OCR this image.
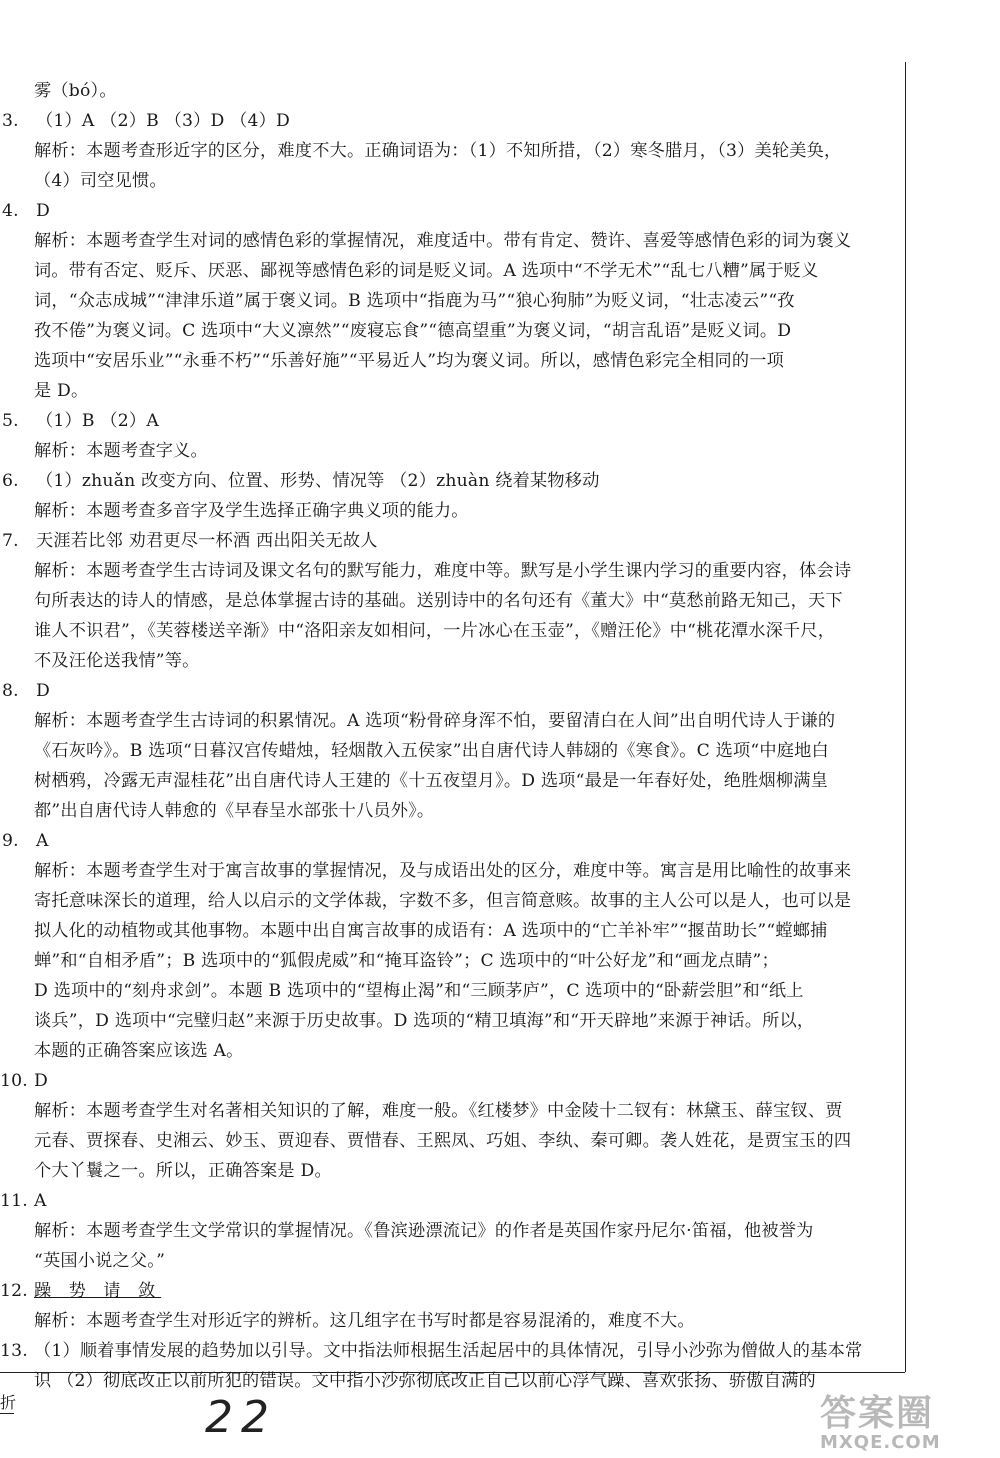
雾（bó）。
3. （1）A （2）B （3）D （4）D
解析：本题考查形近字的区分，难度不大。正确词语为：（1）不知所措，（2）寒冬腊月，（3）美轮美奂，
（4）司空见惯。
4. D
解析：本题考查学生对词的感情色彩的掌握情况，难度适中。带有肯定、赞许、喜爱等感情色彩的词为褒义
词。带有否定、贬斥、厌恶、鄙视等感情色彩的词是贬义词。A 选项中“不学无术”“乱七八糟”属于贬义
词，“众志成城”“津津乐道”属于褒义词。B 选项中“指鹿为马”“狼心狗肺”为贬义词，“壮志凌云”“孜
孜不倦”为褒义词。C 选项中“大义凛然”“废寝忘食”“德高望重”为褒义词，“胡言乱语”是贬义词。D
选项中“安居乐业”“永垂不朽”“乐善好施”“平易近人”均为褒义词。所以，感情色彩完全相同的一项
是 D。
5. （1）B （2）A
解析：本题考查字义。
6. （1）zhuǎn 改变方向、位置、形势、情况等 （2）zhuàn 绕着某物移动
解析：本题考查多音字及学生选择正确字典义项的能力。
7. 天涯若比邻 劝君更尽一杯酒 西出阳关无故人
解析：本题考查学生古诗词及课文名句的默写能力，难度中等。默写是小学生课内学习的重要内容，体会诗
句所表达的诗人的情感，是总体掌握古诗的基础。送别诗中的名句还有《董大》中“莫愁前路无知己，天下
谁人不识君”，《芙蓉楼送辛渐》中“洛阳亲友如相问，一片冰心在玉壶”，《赠汪伦》中“桃花潭水深千尺，
不及汪伦送我情”等。
8. D
解析：本题考查学生古诗词的积累情况。A 选项“粉骨碎身浑不怕，要留清白在人间”出自明代诗人于谦的
《石灰吟》。B 选项“日暮汉宫传蜡烛，轻烟散入五侯家”出自唐代诗人韩翃的《寒食》。C 选项“中庭地白
树栖鸦，冷露无声湿桂花”出自唐代诗人王建的《十五夜望月》。D 选项“最是一年春好处，绝胜烟柳满皇
都”出自唐代诗人韩愈的《早春呈水部张十八员外》。
9. A
解析：本题考查学生对于寓言故事的掌握情况，及与成语出处的区分，难度中等。寓言是用比喻性的故事来
寄托意味深长的道理，给人以启示的文学体裁，字数不多，但言简意赅。故事的主人公可以是人，也可以是
拟人化的动植物或其他事物。本题中出自寓言故事的成语有：A 选项中的“亡羊补牢”“揠苗助长”“螳螂捕
蝉”和“自相矛盾”；B 选项中的“狐假虎威”和“掩耳盗铃”；C 选项中的“叶公好龙”和“画龙点睛”；
D 选项中的“刻舟求剑”。本题 B 选项中的“望梅止渴”和“三顾茅庐”，C 选项中的“卧薪尝胆”和“纸上
谈兵”，D 选项中“完璧归赵”来源于历史故事。D 选项的“精卫填海”和“开天辟地”来源于神话。所以，
本题的正确答案应该选 A。
10. D
解析：本题考查学生对名著相关知识的了解，难度一般。《红楼梦》中金陵十二钗有：林黛玉、薛宝钗、贾
元春、贾探春、史湘云、妙玉、贾迎春、贾惜春、王熙凤、巧姐、李纨、秦可卿。袭人姓花，是贾宝玉的四
个大丫鬟之一。所以，正确答案是 D。
11. A
解析：本题考查学生文学常识的掌握情况。《鲁滨逊漂流记》的作者是英国作家丹尼尔·笛福，他被誉为
“英国小说之父。”
12. 躁 势 请 敛
解析：本题考查学生对形近字的辨析。这几组字在书写时都是容易混淆的，难度不大。
13. （1）顺着事情发展的趋势加以引导。文中指法师根据生活起居中的具体情况，引导小沙弥为僧做人的基本常
识 （2）彻底改正以前所犯的错误。文中指小沙弥彻底改正自己以前心浮气躁、喜欢张扬、骄傲自满的
折	22	答案圈
MXQE.COM
